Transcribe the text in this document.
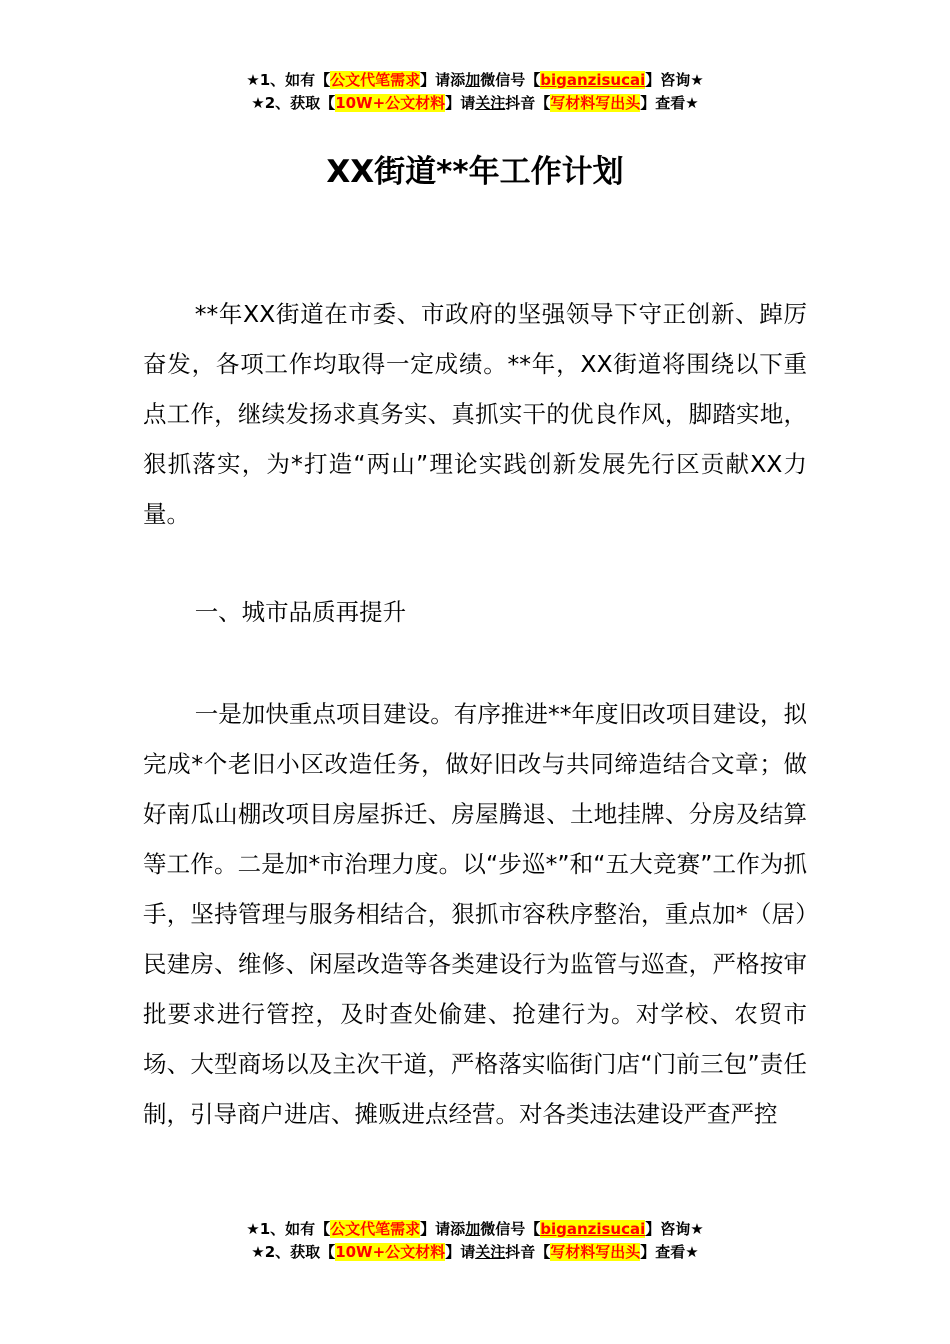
★1、如有【公文代笔需求】请添加微信号【biganzisucai】咨询★
★2、获取【10W+公文材料】请关注抖音【写材料写出头】查看★
XX街道**年工作计划

**年XX街道在市委、市政府的坚强领导下守正创新、踔厉奋发，各项工作均取得一定成绩。**年，XX街道将围绕以下重点工作，继续发扬求真务实、真抓实干的优良作风，脚踏实地，狠抓落实，为*打造“两山”理论实践创新发展先行区贡献XX力量。

一、城市品质再提升

一是加快重点项目建设。有序推进**年度旧改项目建设，拟完成*个老旧小区改造任务，做好旧改与共同缔造结合文章；做好南瓜山棚改项目房屋拆迁、房屋腾退、土地挂牌、分房及结算等工作。二是加*市治理力度。以“步巡*”和“五大竞赛”工作为抓手，坚持管理与服务相结合，狠抓市容秩序整治，重点加*（居）民建房、维修、闲屋改造等各类建设行为监管与巡查，严格按审批要求进行管控，及时查处偷建、抢建行为。对学校、农贸市场、大型商场以及主次干道，严格落实临街门店“门前三包”责任制，引导商户进店、摊贩进点经营。对各类违法建设严查严控

★1、如有【公文代笔需求】请添加微信号【biganzisucai】咨询★
★2、获取【10W+公文材料】请关注抖音【写材料写出头】查看★
